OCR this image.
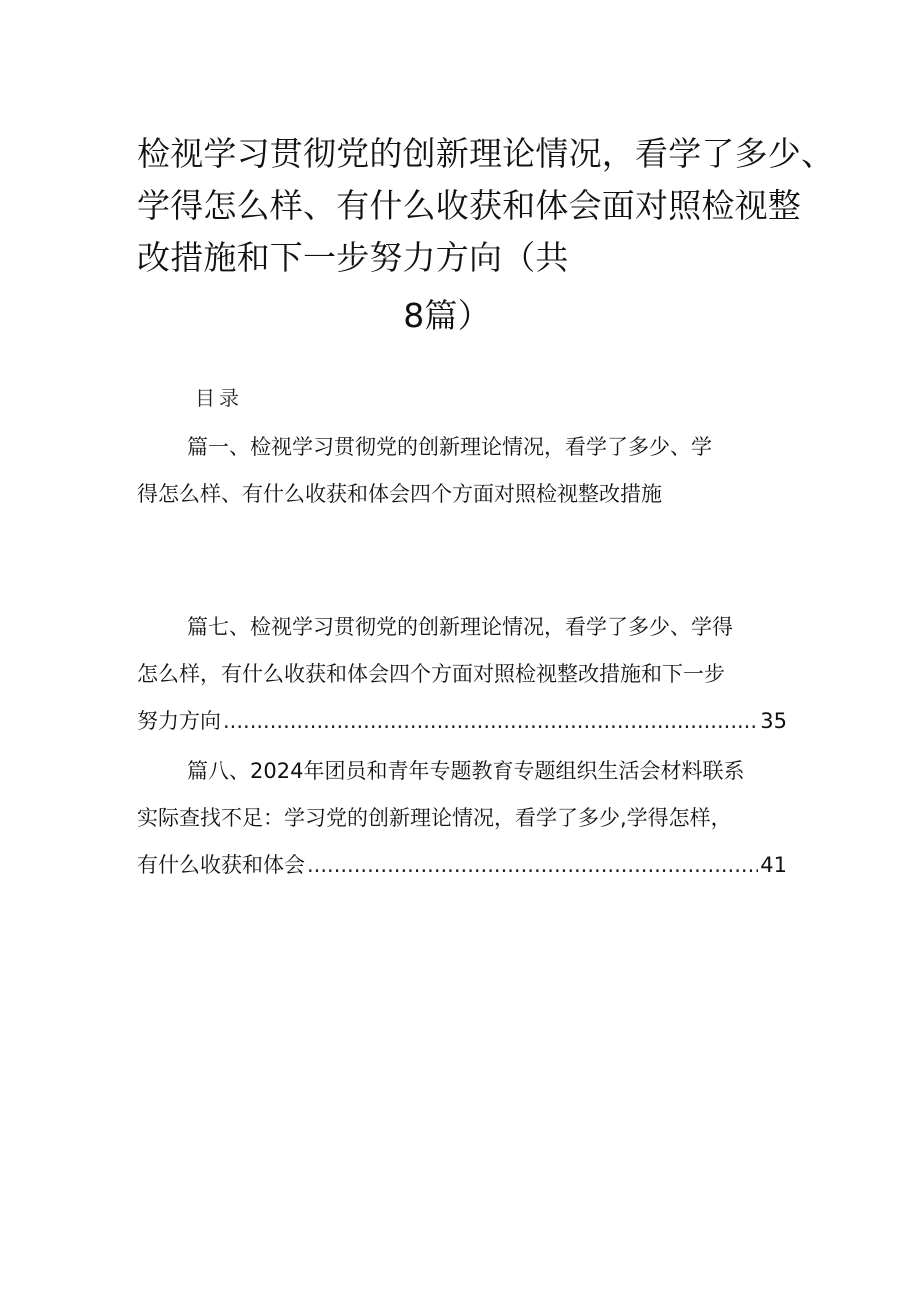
检视学习贯彻党的创新理论情况，看学了多少、
学得怎么样、有什么收获和体会面对照检视整
改措施和下一步努力方向（共
8篇）
目录
篇一、检视学习贯彻党的创新理论情况，看学了多少、学
得怎么样、有什么收获和体会四个方面对照检视整改措施
篇七、检视学习贯彻党的创新理论情况，看学了多少、学得
怎么样，有什么收获和体会四个方面对照检视整改措施和下一步
努力方向 .....	35
篇八、2024年团员和青年专题教育专题组织生活会材料联系
实际查找不足：学习党的创新理论情况，看学了多少,学得怎样，
有什么收获和体会 .....	41
